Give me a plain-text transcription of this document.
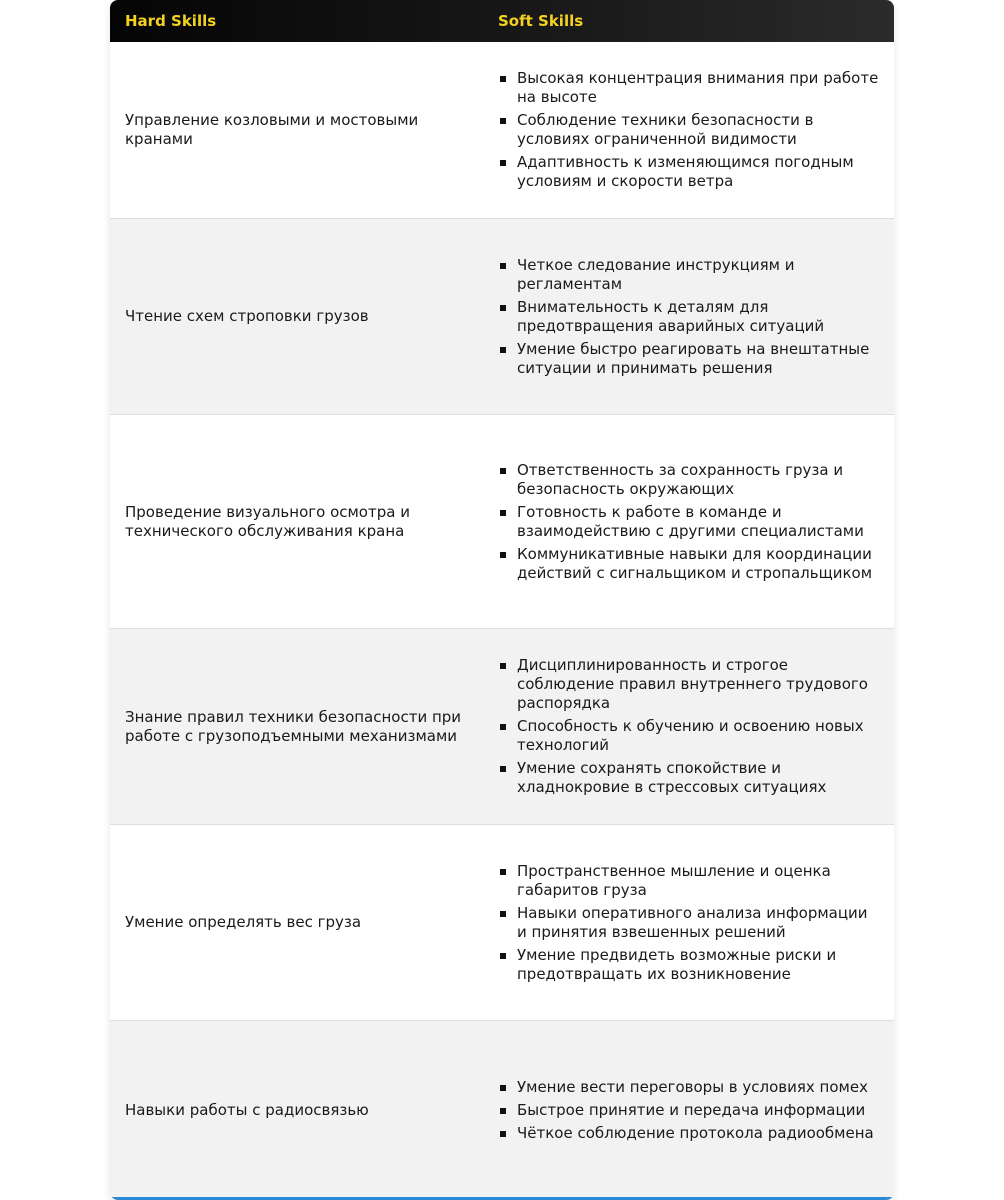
Hard Skills	Soft Skills
Управление козловыми и мостовыми кранами
Высокая концентрация внимания при работе на высоте
Соблюдение техники безопасности в условиях ограниченной видимости
Адаптивность к изменяющимся погодным условиям и скорости ветра
Чтение схем строповки грузов
Четкое следование инструкциям и регламентам
Внимательность к деталям для предотвращения аварийных ситуаций
Умение быстро реагировать на внештатные ситуации и принимать решения
Проведение визуального осмотра и технического обслуживания крана
Ответственность за сохранность груза и безопасность окружающих
Готовность к работе в команде и взаимодействию с другими специалистами
Коммуникативные навыки для координации действий с сигнальщиком и стропальщиком
Знание правил техники безопасности при работе с грузоподъемными механизмами
Дисциплинированность и строгое соблюдение правил внутреннего трудового распорядка
Способность к обучению и освоению новых технологий
Умение сохранять спокойствие и хладнокровие в стрессовых ситуациях
Умение определять вес груза
Пространственное мышление и оценка габаритов груза
Навыки оперативного анализа информации и принятия взвешенных решений
Умение предвидеть возможные риски и предотвращать их возникновение
Навыки работы с радиосвязью
Умение вести переговоры в условиях помех
Быстрое принятие и передача информации
Чёткое соблюдение протокола радиообмена
